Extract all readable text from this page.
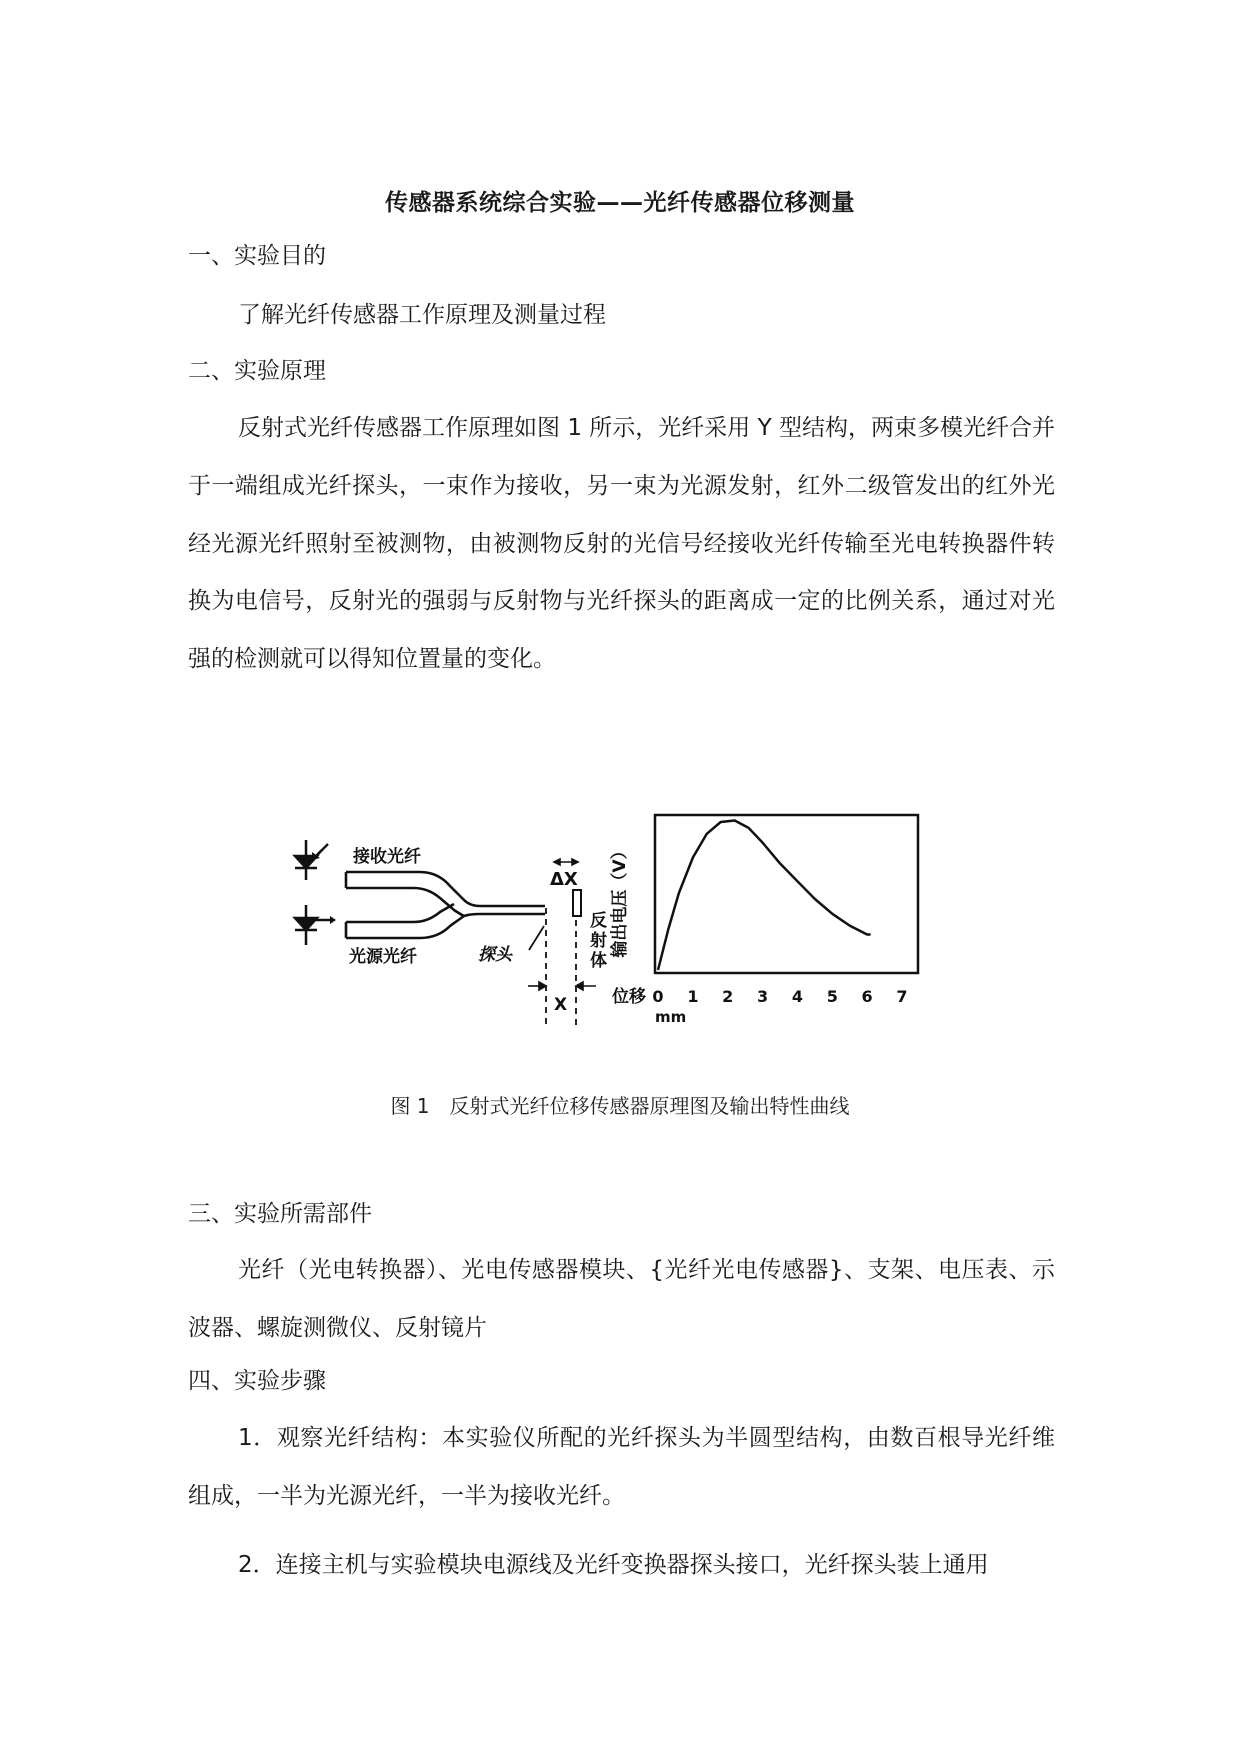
传感器系统综合实验——光纤传感器位移测量
一、实验目的
了解光纤传感器工作原理及测量过程
二、实验原理

反射式光纤传感器工作原理如图 1 所示，光纤采用 Y 型结构，两束多模光纤合并于一端组成光纤探头，一束作为接收，另一束为光源发射，红外二级管发出的红外光经光源光纤照射至被测物，由被测物反射的光信号经接收光纤传输至光电转换器件转换为电信号，反射光的强弱与反射物与光纤探头的距离成一定的比例关系，通过对光强的检测就可以得知位置量的变化。

接收光纤
光源光纤	探头
ΔX
X
反 射 体
输出电压（V）
位移 0 1 2 3 4 5 6 7
mm
图 1　反射式光纤位移传感器原理图及输出特性曲线
三、实验所需部件

光纤（光电转换器）、光电传感器模块、{光纤光电传感器}、支架、电压表、示波器、螺旋测微仪、反射镜片

四、实验步骤

1．观察光纤结构：本实验仪所配的光纤探头为半圆型结构，由数百根导光纤维组成，一半为光源光纤，一半为接收光纤。

2．连接主机与实验模块电源线及光纤变换器探头接口，光纤探头装上通用
